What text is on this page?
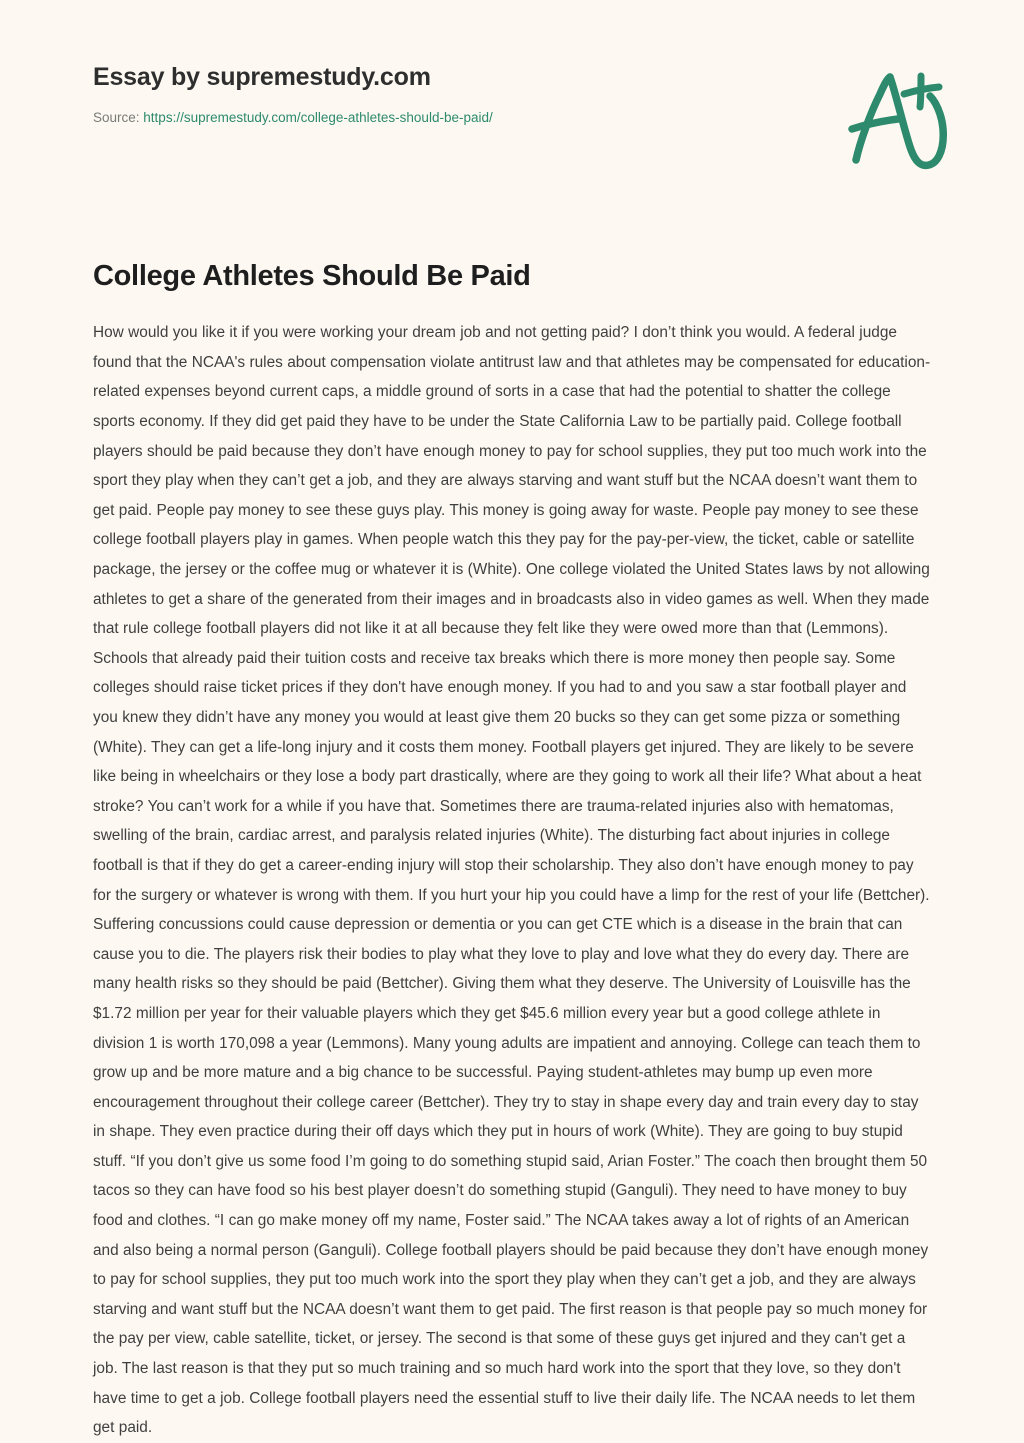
Essay by supremestudy.com
Source: https://supremestudy.com/college-athletes-should-be-paid/
College Athletes Should Be Paid

How would you like it if you were working your dream job and not getting paid? I don’t think you would. A federal judge found that the NCAA's rules about compensation violate antitrust law and that athletes may be compensated for education-related expenses beyond current caps, a middle ground of sorts in a case that had the potential to shatter the college sports economy. If they did get paid they have to be under the State California Law to be partially paid. College football players should be paid because they don’t have enough money to pay for school supplies, they put too much work into the sport they play when they can’t get a job, and they are always starving and want stuff but the NCAA doesn’t want them to get paid. People pay money to see these guys play. This money is going away for waste. People pay money to see these college football players play in games. When people watch this they pay for the pay-per-view, the ticket, cable or satellite package, the jersey or the coffee mug or whatever it is (White). One college violated the United States laws by not allowing athletes to get a share of the generated from their images and in broadcasts also in video games as well. When they made that rule college football players did not like it at all because they felt like they were owed more than that (Lemmons). Schools that already paid their tuition costs and receive tax breaks which there is more money then people say. Some colleges should raise ticket prices if they don't have enough money. If you had to and you saw a star football player and you knew they didn’t have any money you would at least give them 20 bucks so they can get some pizza or something (White). They can get a life-long injury and it costs them money. Football players get injured. They are likely to be severe like being in wheelchairs or they lose a body part drastically, where are they going to work all their life? What about a heat stroke? You can’t work for a while if you have that. Sometimes there are trauma-related injuries also with hematomas, swelling of the brain, cardiac arrest, and paralysis related injuries (White). The disturbing fact about injuries in college football is that if they do get a career-ending injury will stop their scholarship. They also don’t have enough money to pay for the surgery or whatever is wrong with them. If you hurt your hip you could have a limp for the rest of your life (Bettcher). Suffering concussions could cause depression or dementia or you can get CTE which is a disease in the brain that can cause you to die. The players risk their bodies to play what they love to play and love what they do every day. There are many health risks so they should be paid (Bettcher). Giving them what they deserve. The University of Louisville has the $1.72 million per year for their valuable players which they get $45.6 million every year but a good college athlete in division 1 is worth 170,098 a year (Lemmons). Many young adults are impatient and annoying. College can teach them to grow up and be more mature and a big chance to be successful. Paying student-athletes may bump up even more encouragement throughout their college career (Bettcher). They try to stay in shape every day and train every day to stay in shape. They even practice during their off days which they put in hours of work (White). They are going to buy stupid stuff. “If you don’t give us some food I’m going to do something stupid said, Arian Foster.” The coach then brought them 50 tacos so they can have food so his best player doesn’t do something stupid (Ganguli). They need to have money to buy food and clothes. “I can go make money off my name, Foster said.” The NCAA takes away a lot of rights of an American and also being a normal person (Ganguli). College football players should be paid because they don’t have enough money to pay for school supplies, they put too much work into the sport they play when they can’t get a job, and they are always starving and want stuff but the NCAA doesn’t want them to get paid. The first reason is that people pay so much money for the pay per view, cable satellite, ticket, or jersey. The second is that some of these guys get injured and they can't get a job. The last reason is that they put so much training and so much hard work into the sport that they love, so they don't have time to get a job. College football players need the essential stuff to live their daily life. The NCAA needs to let them get paid.
